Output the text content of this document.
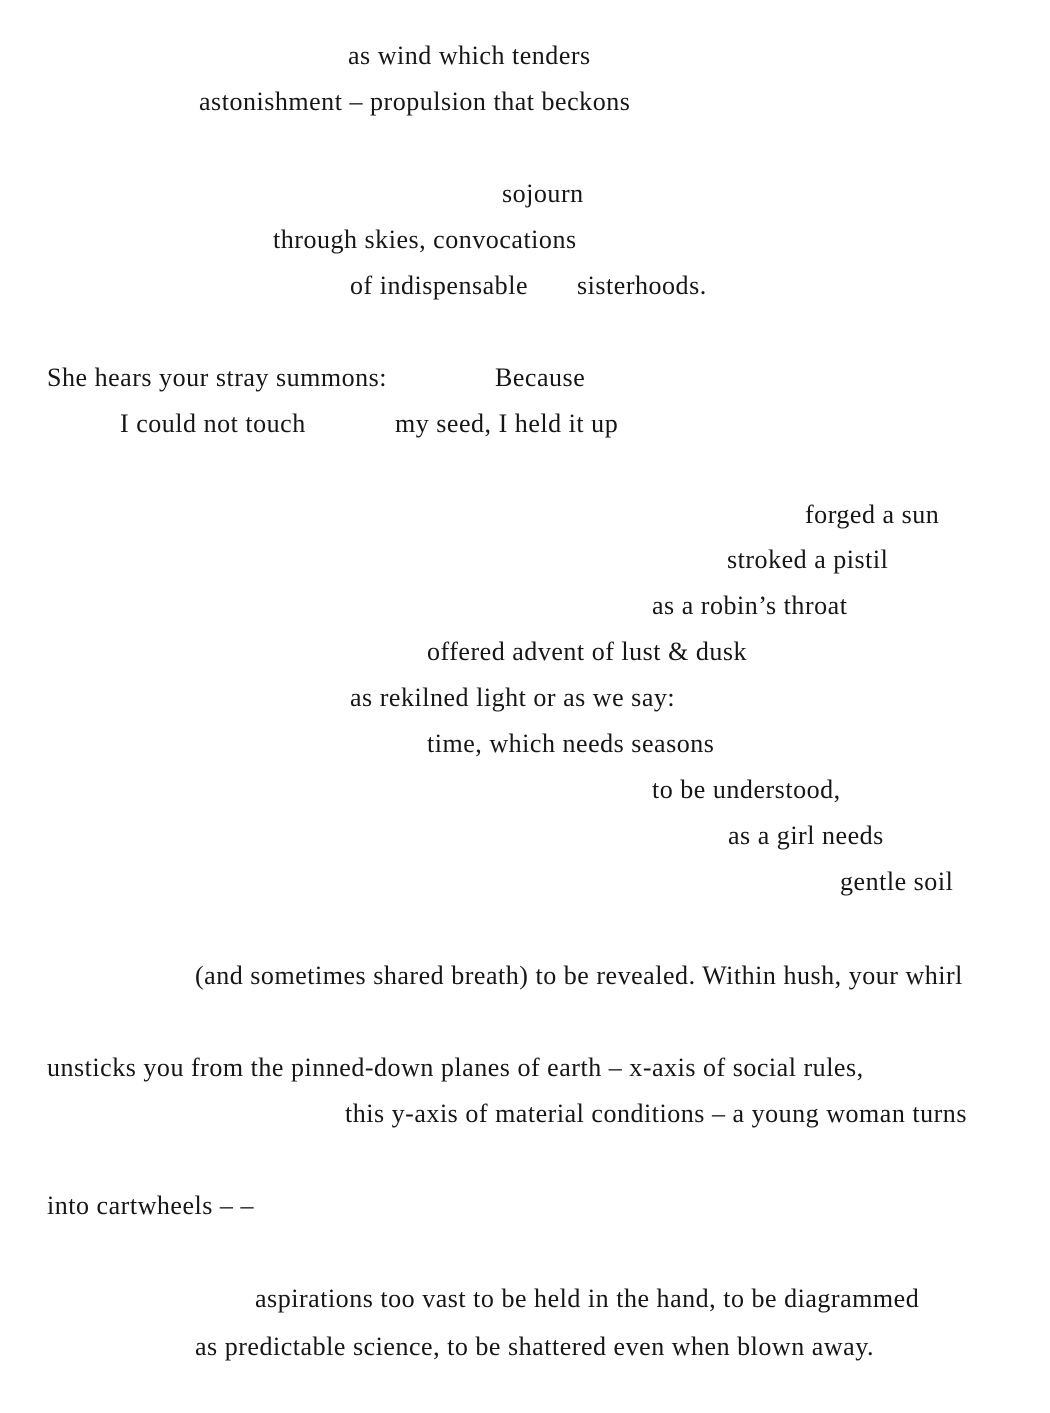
as wind which tenders
astonishment – propulsion that beckons
sojourn
through skies, convocations
of indispensable sisterhoods.
She hears your stray summons:	Because
I could not touch	my seed, I held it up
forged a sun
stroked a pistil
as a robin’s throat
offered advent of lust & dusk
as rekilned light or as we say:
time, which needs seasons
to be understood,
as a girl needs
gentle soil
(and sometimes shared breath) to be revealed. Within hush, your whirl
unsticks you from the pinned-down planes of earth – x-axis of social rules,
this y-axis of material conditions – a young woman turns
into cartwheels – –
aspirations too vast to be held in the hand, to be diagrammed
as predictable science, to be shattered even when blown away.
